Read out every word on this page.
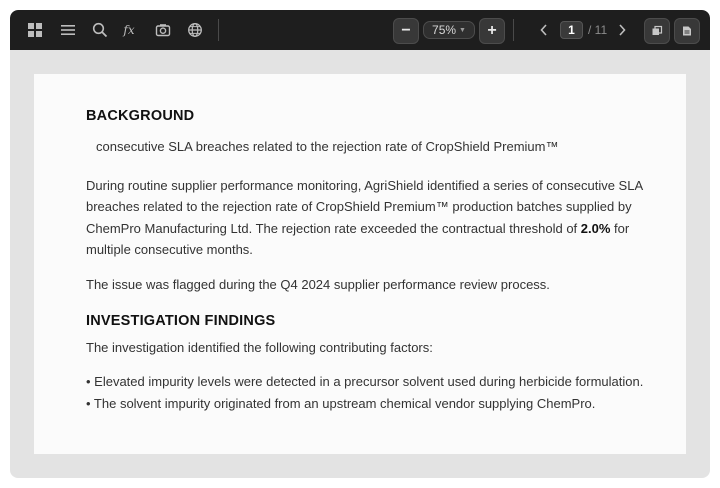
fx	− 75% ▼ +	1	/ 11
BACKGROUND
consecutive SLA breaches related to the rejection rate of CropShield Premium™
During routine supplier performance monitoring, AgriShield identified a series of consecutive SLA breaches related to the rejection rate of CropShield Premium™ production batches supplied by ChemPro Manufacturing Ltd. The rejection rate exceeded the contractual threshold of 2.0% for multiple consecutive months.
The issue was flagged during the Q4 2024 supplier performance review process.
INVESTIGATION FINDINGS
The investigation identified the following contributing factors:
• Elevated impurity levels were detected in a precursor solvent used during herbicide formulation.
• The solvent impurity originated from an upstream chemical vendor supplying ChemPro.
